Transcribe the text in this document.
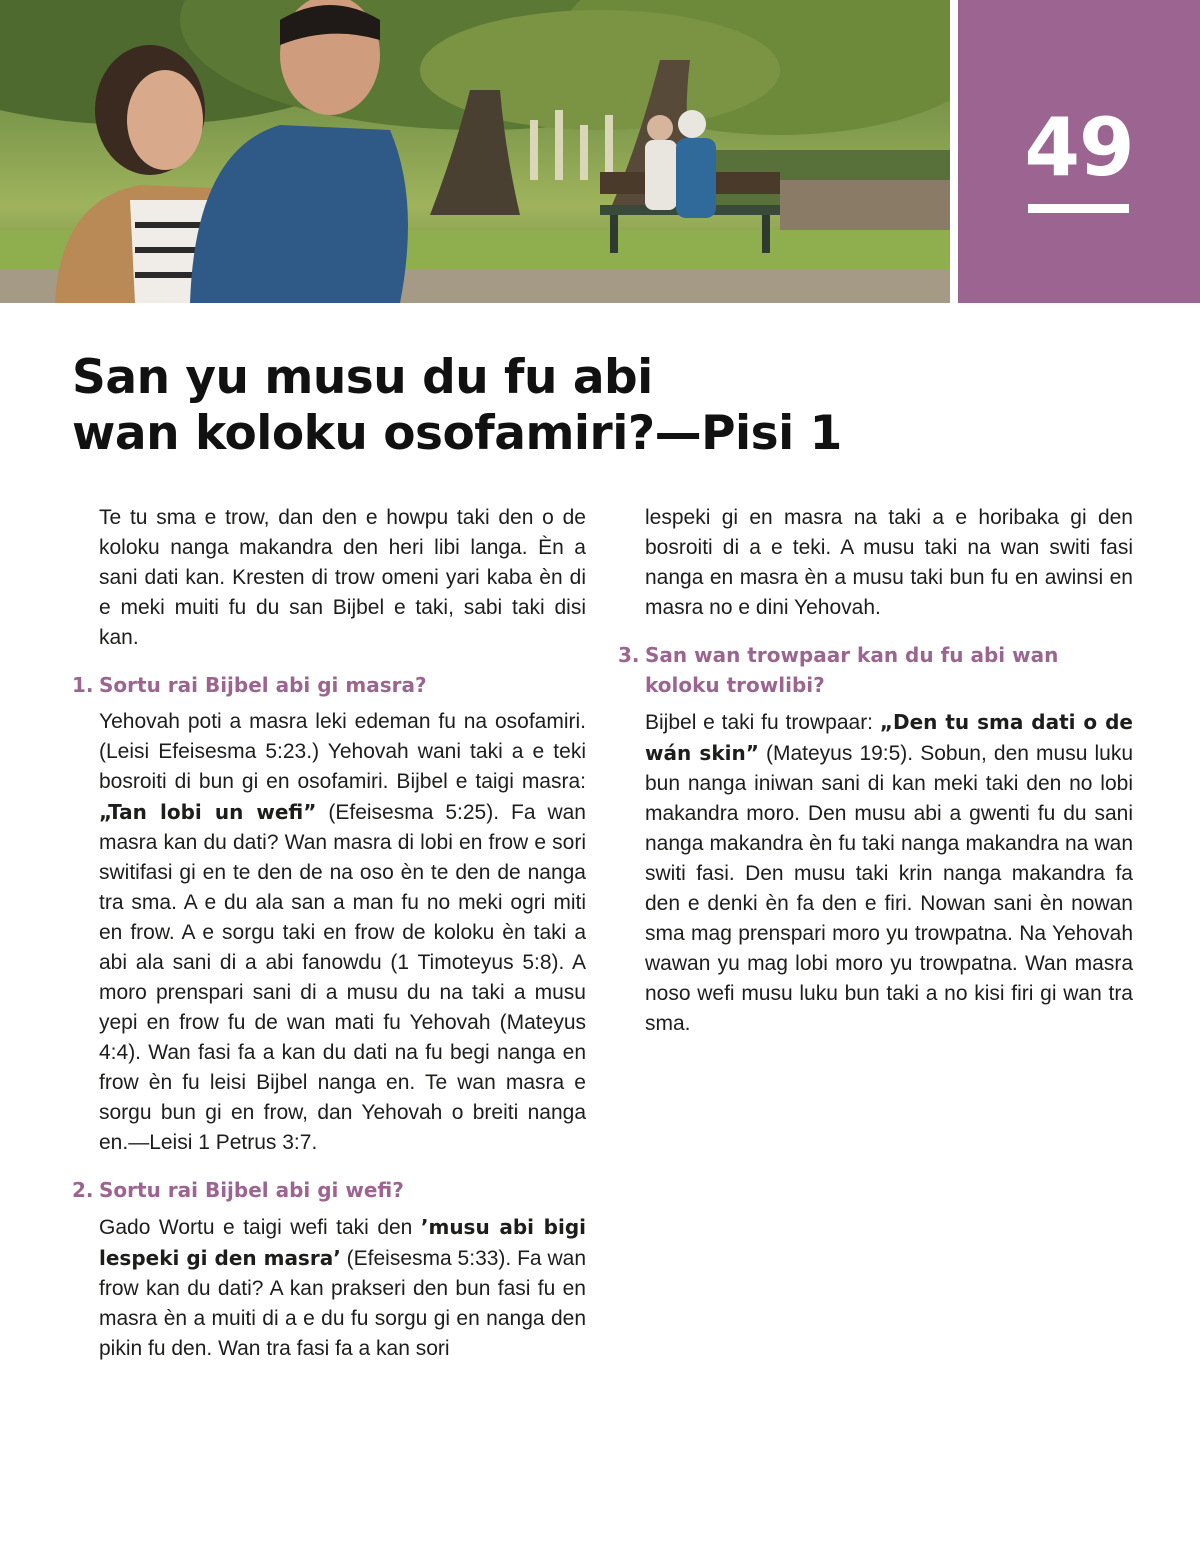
49
San yu musu du fu abi
wan koloku osofamiri?—Pisi 1

Te tu sma e trow, dan den e howpu taki den o de koloku nanga makandra den heri libi langa. Èn a sani dati kan. Kresten di trow omeni yari kaba èn di e meki muiti fu du san Bijbel e taki, sabi taki disi kan.

1. Sortu rai Bijbel abi gi masra?

Yehovah poti a masra leki edeman fu na osofamiri. (Leisi Efeisesma 5:23.) Yehovah wani taki a e teki bosroiti di bun gi en osofamiri. Bijbel e taigi masra: „Tan lobi un wefi” (Efeisesma 5:25). Fa wan masra kan du dati? Wan masra di lobi en frow e sori switifasi gi en te den de na oso èn te den de nanga tra sma. A e du ala san a man fu no meki ogri miti en frow. A e sorgu taki en frow de koloku èn taki a abi ala sani di a abi fanowdu (1 Timoteyus 5:8). A moro prenspari sani di a musu du na taki a musu yepi en frow fu de wan mati fu Yehovah (Mateyus 4:4). Wan fasi fa a kan du dati na fu begi nanga en frow èn fu leisi Bijbel nanga en. Te wan masra e sorgu bun gi en frow, dan Yehovah o breiti nanga en.—Leisi 1 Petrus 3:7.

2. Sortu rai Bijbel abi gi wefi?

Gado Wortu e taigi wefi taki den ’musu abi bigi lespeki gi den masra’ (Efeisesma 5:33). Fa wan frow kan du dati? A kan prakseri den bun fasi fu en masra èn a muiti di a e du fu sorgu gi en nanga den pikin fu den. Wan tra fasi fa a kan sori

lespeki gi en masra na taki a e horibaka gi den bosroiti di a e teki. A musu taki na wan switi fasi nanga en masra èn a musu taki bun fu en awinsi en masra no e dini Yehovah.

3. San wan trowpaar kan du fu abi wan koloku trowlibi?

Bijbel e taki fu trowpaar: „Den tu sma dati o de wán skin” (Mateyus 19:5). Sobun, den musu luku bun nanga iniwan sani di kan meki taki den no lobi makandra moro. Den musu abi a gwenti fu du sani nanga makandra èn fu taki nanga makandra na wan switi fasi. Den musu taki krin nanga makandra fa den e denki èn fa den e firi. Nowan sani èn nowan sma mag prenspari moro yu trowpatna. Na Yehovah wawan yu mag lobi moro yu trowpatna. Wan masra noso wefi musu luku bun taki a no kisi firi gi wan tra sma.
